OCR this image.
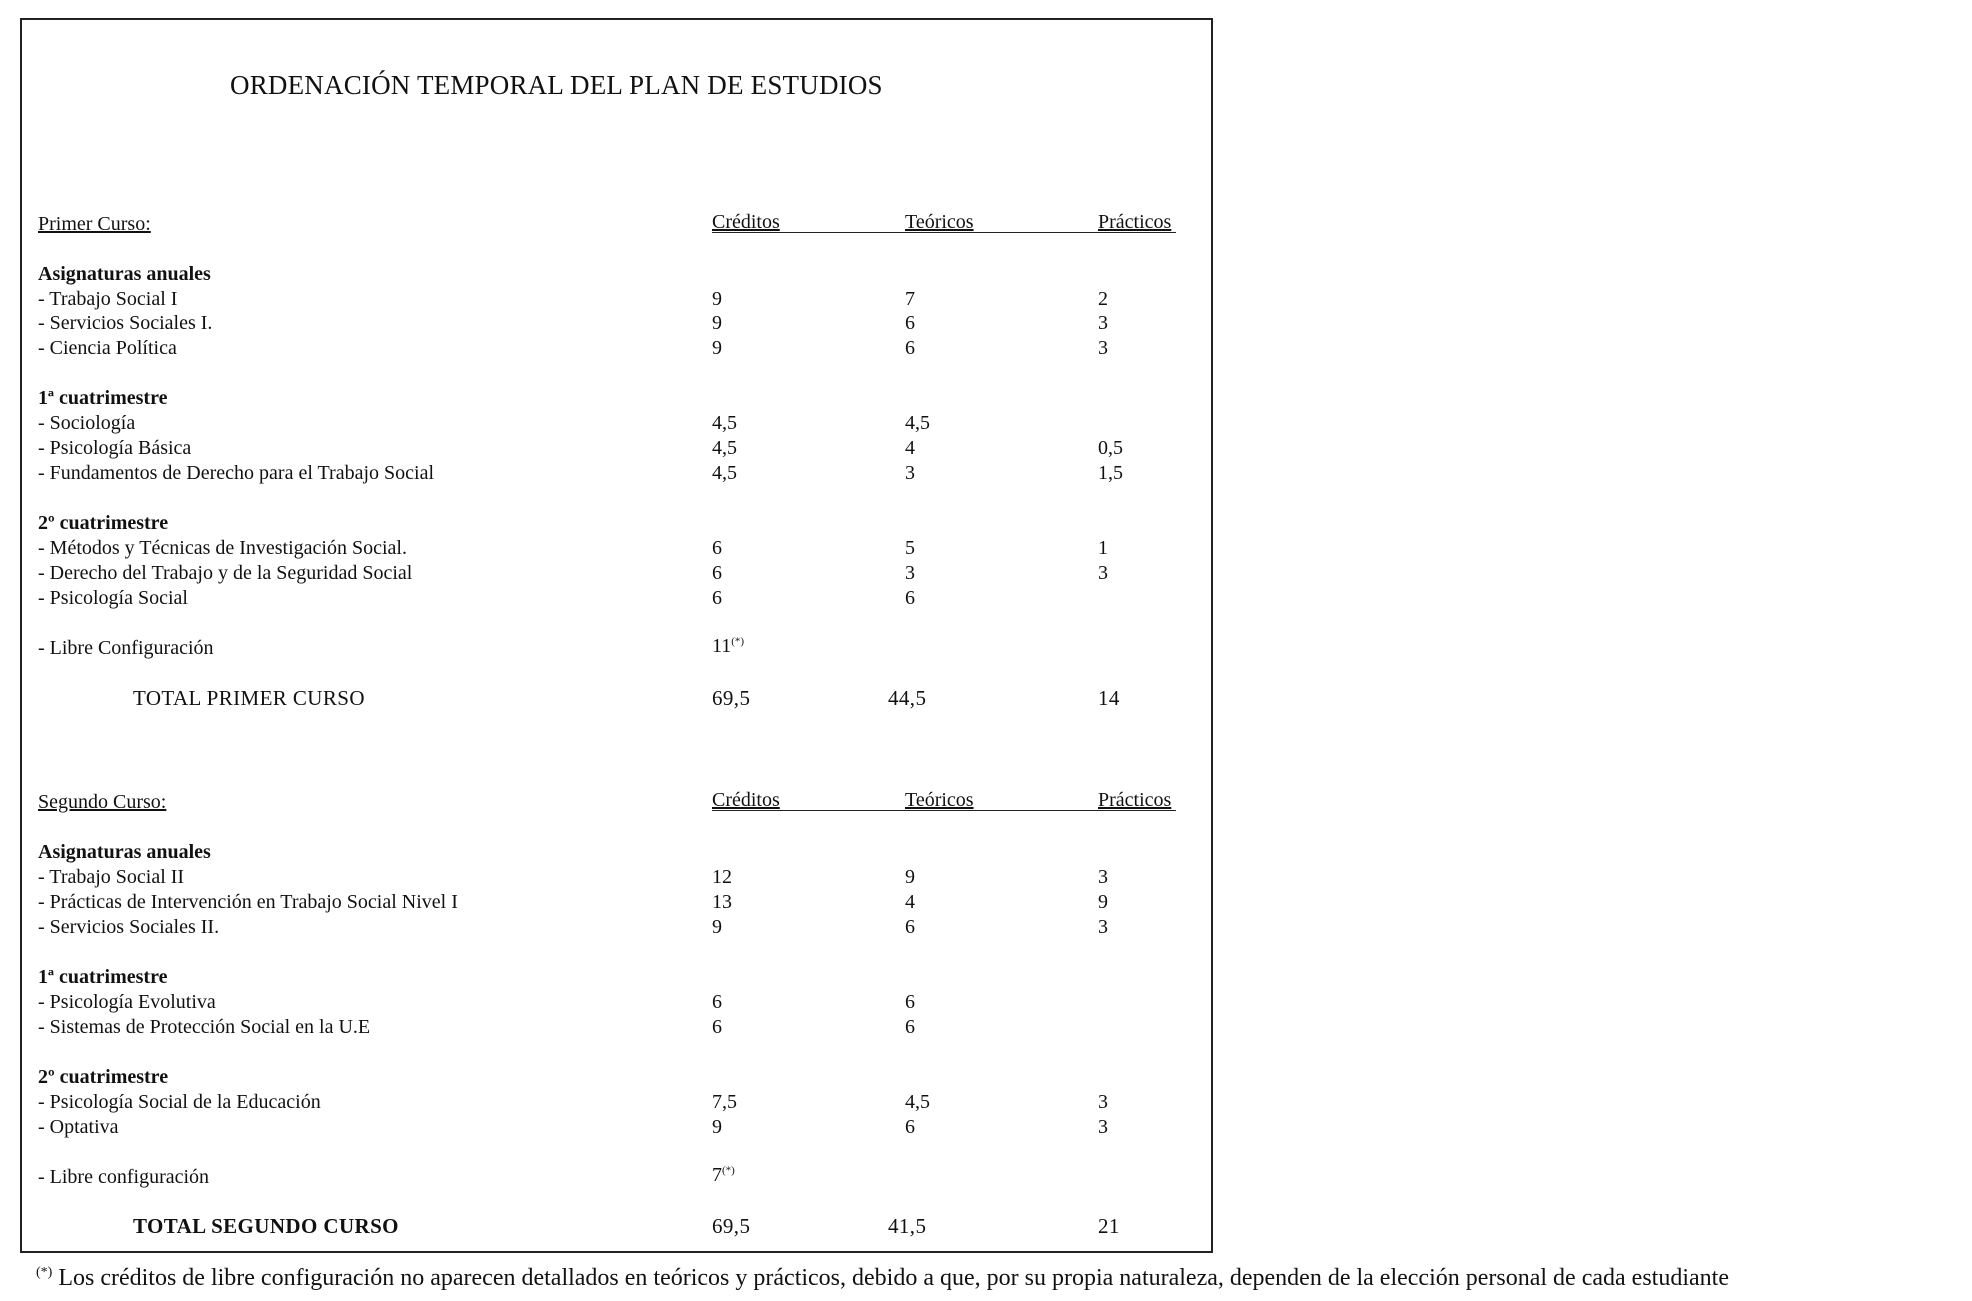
ORDENACIÓN TEMPORAL DEL PLAN DE ESTUDIOS
Primer Curso:	Créditos	Teóricos	Prácticos
Asignaturas anuales
- Trabajo Social I	9	7	2
- Servicios Sociales I.	9	6	3
- Ciencia Política	9	6	3
1ª cuatrimestre
- Sociología	4,5	4,5
- Psicología Básica	4,5	4	0,5
- Fundamentos de Derecho para el Trabajo Social	4,5	3	1,5
2º cuatrimestre
- Métodos y Técnicas de Investigación Social.	6	5	1
- Derecho del Trabajo y de la Seguridad Social	6	3	3
- Psicología Social	6	6
- Libre Configuración	11(*)
TOTAL PRIMER CURSO	69,5	44,5	14
Segundo Curso:	Créditos	Teóricos	Prácticos
Asignaturas anuales
- Trabajo Social II	12	9	3
- Prácticas de Intervención en Trabajo Social Nivel I	13	4	9
- Servicios Sociales II.	9	6	3
1ª cuatrimestre
- Psicología Evolutiva	6	6
- Sistemas de Protección Social en la U.E	6	6
2º cuatrimestre
- Psicología Social de la Educación	7,5	4,5	3
- Optativa	9	6	3
- Libre configuración	7(*)
TOTAL SEGUNDO CURSO	69,5	41,5	21
(*) Los créditos de libre configuración no aparecen detallados en teóricos y prácticos, debido a que, por su propia naturaleza, dependen de la elección personal de cada estudiante
